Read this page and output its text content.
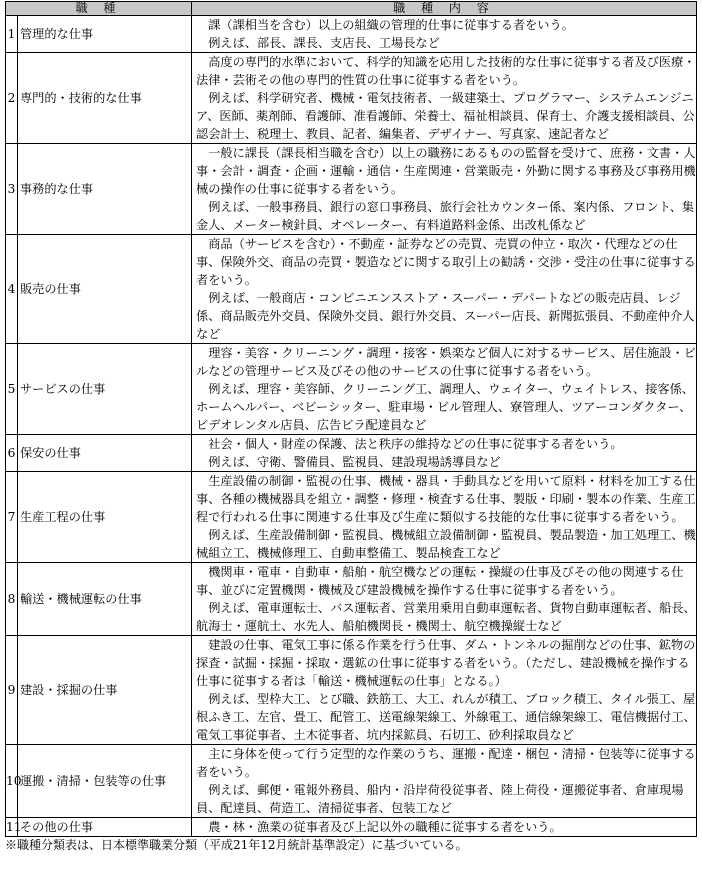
職 種		職 種 内 容
1	管理的な仕事	課（課相当を含む）以上の組織の管理的仕事に従事する者をいう。

例えば、部長、課長、支店長、工場長など

2	専門的・技術的な仕事	高度の専門的水準において、科学的知識を応用した技術的な仕事に従事する者及び医療・法律・芸術その他の専門的性質の仕事に従事する者をいう。

例えば、科学研究者、機械・電気技術者、一級建築士、プログラマー、システムエンジニア、医師、薬剤師、看護師、准看護師、栄養士、福祉相談員、保育士、介護支援相談員、公認会計士、税理士、教員、記者、編集者、デザイナー、写真家、速記者など

3	事務的な仕事	一般に課長（課長相当職を含む）以上の職務にあるものの監督を受けて、庶務・文書・人事・会計・調査・企画・運輸・通信・生産関連・営業販売・外勤に関する事務及び事務用機械の操作の仕事に従事する者をいう。

例えば、一般事務員、銀行の窓口事務員、旅行会社カウンター係、案内係、フロント、集金人、メーター検針員、オペレーター、有料道路料金係、出改札係など

4	販売の仕事	商品（サービスを含む）・不動産・証券などの売買、売買の仲立・取次・代理などの仕事、保険外交、商品の売買・製造などに関する取引上の勧誘・交渉・受注の仕事に従事する者をいう。

例えば、一般商店・コンビニエンスストア・スーパー・デパートなどの販売店員、レジ係、商品販売外交員、保険外交員、銀行外交員、スーパー店長、新聞拡張員、不動産仲介人など

5	サービスの仕事	理容・美容・クリーニング・調理・接客・娯楽など個人に対するサービス、居住施設・ビルなどの管理サービス及びその他のサービスの仕事に従事する者をいう。

例えば、理容・美容師、クリーニング工、調理人、ウェイター、ウェイトレス、接客係、ホームヘルパー、ベビーシッター、駐車場・ビル管理人、寮管理人、ツアーコンダクター、ビデオレンタル店員、広告ビラ配達員など

6	保安の仕事	社会・個人・財産の保護、法と秩序の維持などの仕事に従事する者をいう。

例えば、守衛、警備員、監視員、建設現場誘導員など

7	生産工程の仕事	生産設備の制御・監視の仕事、機械・器具・手動具などを用いて原料・材料を加工する仕事、各種の機械器具を組立・調整・修理・検査する仕事、製版・印刷・製本の作業、生産工程で行われる仕事に関連する仕事及び生産に類似する技能的な仕事に従事する者をいう。

例えば、生産設備制御・監視員、機械組立設備制御・監視員、製品製造・加工処理工、機械組立工、機械修理工、自動車整備工、製品検査工など

8	輸送・機械運転の仕事	機関車・電車・自動車・船舶・航空機などの運転・操縦の仕事及びその他の関連する仕事、並びに定置機関・機械及び建設機械を操作する仕事に従事する者をいう。

例えば、電車運転士、バス運転者、営業用乗用自動車運転者、貨物自動車運転者、船長、航海士・運航士、水先人、船舶機関長・機関士、航空機操縦士など

9	建設・採掘の仕事	建設の仕事、電気工事に係る作業を行う仕事、ダム・トンネルの掘削などの仕事、鉱物の探査・試掘・採掘・採取・選鉱の仕事に従事する者をいう。（ただし、建設機械を操作する仕事に従事する者は「輸送・機械運転の仕事」となる。）

例えば、型枠大工、とび職、鉄筋工、大工、れんが積工、ブロック積工、タイル張工、屋根ふき工、左官、畳工、配管工、送電線架線工、外線電工、通信線架線工、電信機据付工、電気工事従事者、土木従事者、坑内採鉱員、石切工、砂利採取員など

10	運搬・清掃・包装等の仕事	主に身体を使って行う定型的な作業のうち、運搬・配達・梱包・清掃・包装等に従事する者をいう。

例えば、郵便・電報外務員、船内・沿岸荷役従事者、陸上荷役・運搬従事者、倉庫現場員、配達員、荷造工、清掃従事者、包装工など

11	その他の仕事	農・林・漁業の従事者及び上記以外の職種に従事する者をいう。

※職種分類表は、日本標準職業分類（平成21年12月統計基準設定）に基づいている。
